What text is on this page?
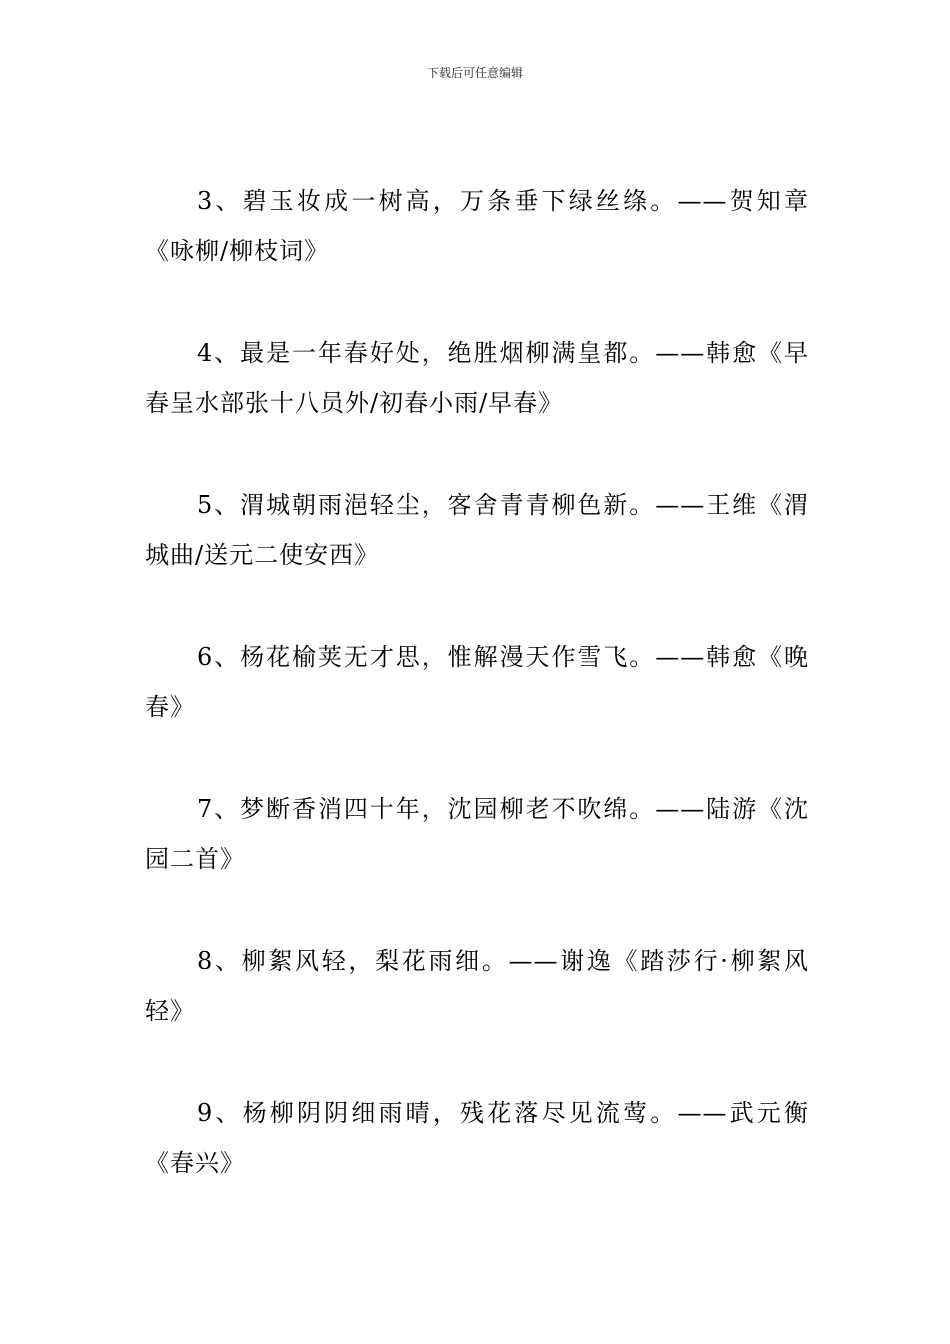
下载后可任意编辑

3、碧玉妆成一树高，万条垂下绿丝绦。——贺知章《咏柳/柳枝词》

4、最是一年春好处，绝胜烟柳满皇都。——韩愈《早春呈水部张十八员外/初春小雨/早春》

5、渭城朝雨浥轻尘，客舍青青柳色新。——王维《渭城曲/送元二使安西》

6、杨花榆荚无才思，惟解漫天作雪飞。——韩愈《晚春》

7、梦断香消四十年，沈园柳老不吹绵。——陆游《沈园二首》

8、柳絮风轻，梨花雨细。——谢逸《踏莎行·柳絮风轻》

9、杨柳阴阴细雨晴，残花落尽见流莺。——武元衡《春兴》
